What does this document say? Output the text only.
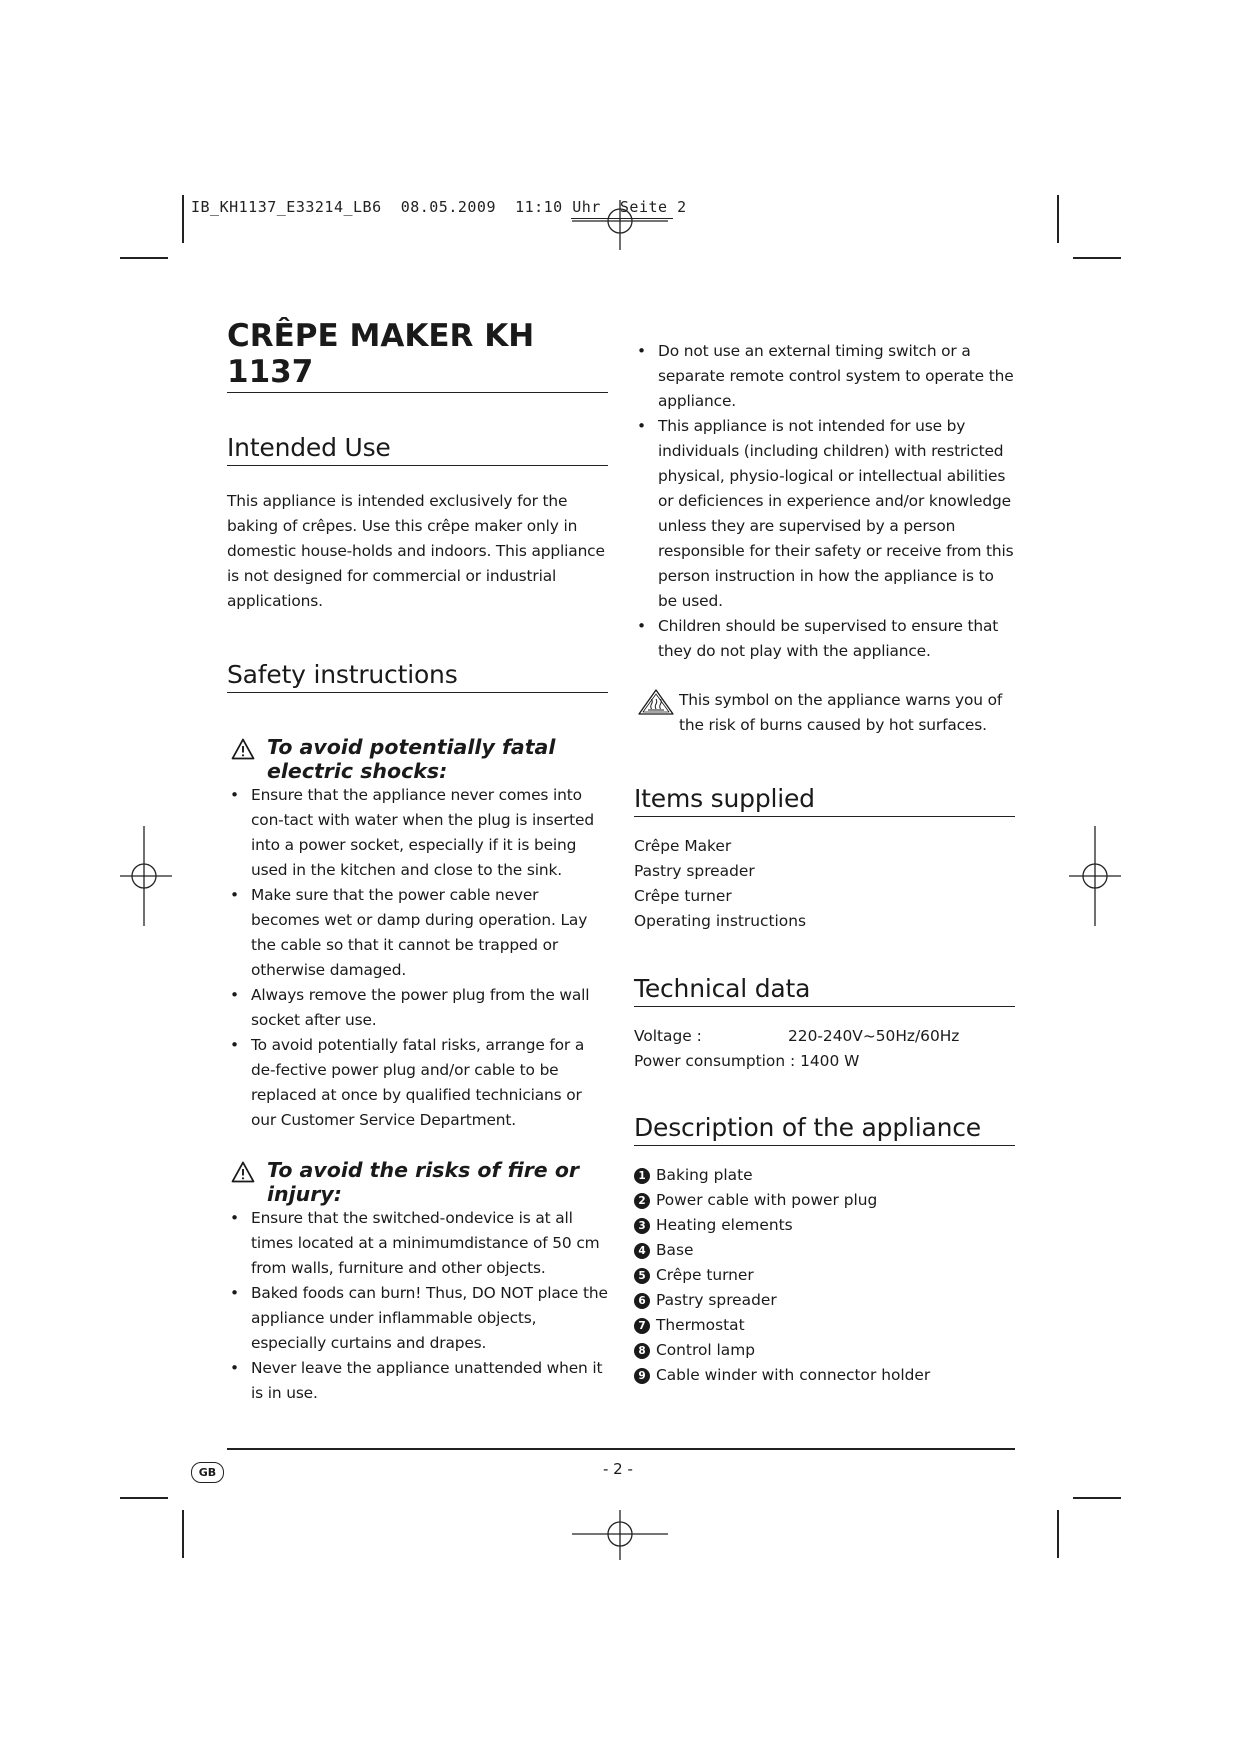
IB_KH1137_E33214_LB6 08.05.2009 11:10 Uhr Seite 2
CRÊPE MAKER KH 1137
Intended Use

This appliance is intended exclusively for the baking of crêpes. Use this crêpe maker only in domestic house-holds and indoors. This appliance is not designed for commercial or industrial applications.

Safety instructions
To avoid potentially fatal electric shocks:
• Ensure that the appliance never comes into con-tact with water when the plug is inserted into a power socket, especially if it is being used in the kitchen and close to the sink.
• Make sure that the power cable never becomes wet or damp during operation. Lay the cable so that it cannot be trapped or otherwise damaged.
• Always remove the power plug from the wall socket after use.
• To avoid potentially fatal risks, arrange for a de-fective power plug and/or cable to be replaced at once by qualified technicians or our Customer Service Department.
To avoid the risks of fire or injury:
• Ensure that the switched-ondevice is at all times located at a minimumdistance of 50 cm from walls, furniture and other objects.
• Baked foods can burn! Thus, DO NOT place the appliance under inflammable objects, especially curtains and drapes.
• Never leave the appliance unattended when it is in use.
• Do not use an external timing switch or a separate remote control system to operate the appliance.
• This appliance is not intended for use by individuals (including children) with restricted physical, physio-logical or intellectual abilities or deficiences in experience and/or knowledge unless they are supervised by a person responsible for their safety or receive from this person instruction in how the appliance is to be used.
• Children should be supervised to ensure that they do not play with the appliance.

This symbol on the appliance warns you of the risk of burns caused by hot surfaces.

Items supplied
Crêpe Maker
Pastry spreader
Crêpe turner
Operating instructions
Technical data
Voltage :	220-240V~50Hz/60Hz
Power consumption : 1400 W
Description of the appliance
1 Baking plate
2 Power cable with power plug
3 Heating elements
4 Base
5 Crêpe turner
6 Pastry spreader
7 Thermostat
8 Control lamp
9 Cable winder with connector holder
GB	- 2 -
